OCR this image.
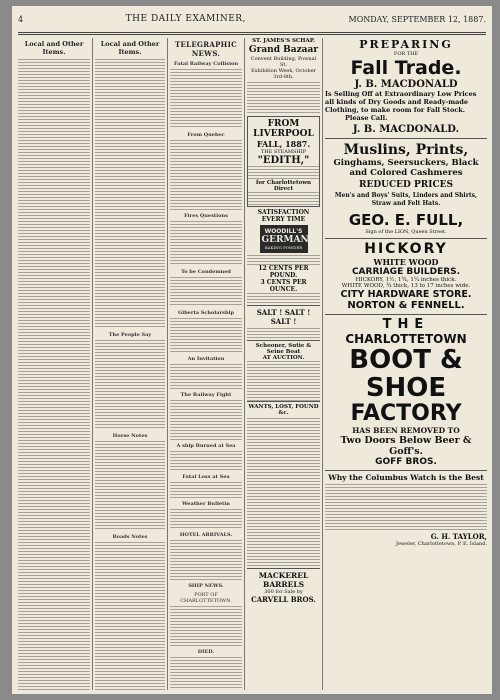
4	THE DAILY EXAMINER,	MONDAY, SEPTEMBER 12, 1887.
Local and Other Items.
Local and Other Items.
The People Say
Horse Notes
Roads Notes
TELEGRAPHIC NEWS.
Fatal Railway Collision
From Quebec
Fires Questions
To be Condemned
Giberta Scholarship
An Invitation
The Railway Fight
A ship Burned at Sea
Fatal Loss at Sea
Weather Bulletin
HOTEL ARRIVALS.
SHIP NEWS.
PORT OF CHARLOTTETOWN.
DIED.
ST. JAMES'S SCHAP.
Grand Bazaar
Convent Building, Pownal St.
Exhibition Week, October 3rd-8th.
FROM LIVERPOOL
FALL, 1887.
THE STEAMSHIP
"EDITH,"
for Charlottetown Direct
SATISFACTION EVERY TIME
WOODILL'S
GERMAN
BAKING POWDER
12 CENTS PER POUND.
3 CENTS PER OUNCE.
SALT ! SALT ! SALT !
Schooner, Sutie & Seine Boat
AT AUCTION.
WANTS, LOST, FOUND &c.
MACKEREL BARRELS
300 for Sale by
CARVELL BROS.
PREPARING
FOR THE
Fall Trade.
J. B. MACDONALD
Is Selling Off at Extraordinary Low Prices all kinds of Dry Goods and Ready-made Clothing, to make room for Fall Stock.
Please Call.
J. B. MACDONALD.
Muslins, Prints,
Ginghams, Seersuckers, Black and Colored Cashmeres
REDUCED PRICES
Men's and Boys' Suits, Linders and Shirts, Straw and Felt Hats.
GEO. E. FULL,
Sign of the LION, Queen Street.
HICKORY
WHITE WOOD
CARRIAGE BUILDERS.
HICKORY, 1½, 1¾, 1¼ inches thick.
WHITE WOOD, ¾ thick, 13 to 17 inches wide.
CITY HARDWARE STORE.
NORTON & FENNELL.
THE
CHARLOTTETOWN
BOOT &
SHOE
FACTORY
HAS BEEN REMOVED TO
Two Doors Below Beer & Goff's.
GOFF BROS.
Why the Columbus Watch is the Best
G. H. TAYLOR,
Jeweler, Charlottetown, P. E. Island.
